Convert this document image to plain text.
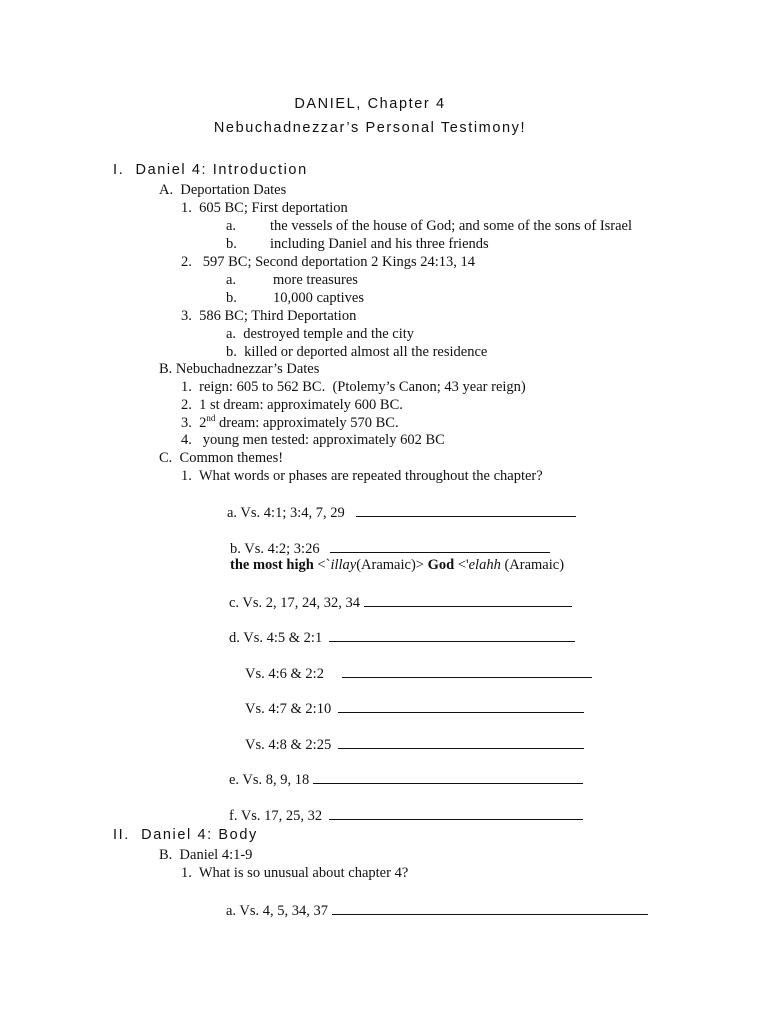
DANIEL, Chapter 4
Nebuchadnezzar’s Personal Testimony!
I.  Daniel 4: Introduction
A.  Deportation Dates
1.  605 BC; First deportation
a. the vessels of the house of God; and some of the sons of Israel
b. including Daniel and his three friends
2.   597 BC; Second deportation 2 Kings 24:13, 14
a.	more treasures
b. 10,000 captives
3.  586 BC; Third Deportation
a.  destroyed temple and the city
b.  killed or deported almost all the residence
B. Nebuchadnezzar’s Dates
1.  reign: 605 to 562 BC.  (Ptolemy’s Canon; 43 year reign)
2.  1 st dream: approximately 600 BC.
3.  2nd dream: approximately 570 BC.
4.   young men tested: approximately 602 BC
C.  Common themes!
1.  What words or phases are repeated throughout the chapter?
a. Vs. 4:1; 3:4, 7, 29
b. Vs. 4:2; 3:26
the most high <`illay(Aramaic)> God <'elahh (Aramaic)
c. Vs. 2, 17, 24, 32, 34
d. Vs. 4:5 & 2:1
Vs. 4:6 & 2:2
Vs. 4:7 & 2:10
Vs. 4:8 & 2:25
e. Vs. 8, 9, 18
f. Vs. 17, 25, 32
II.  Daniel 4: Body
B.  Daniel 4:1-9
1.  What is so unusual about chapter 4?
a. Vs. 4, 5, 34, 37
